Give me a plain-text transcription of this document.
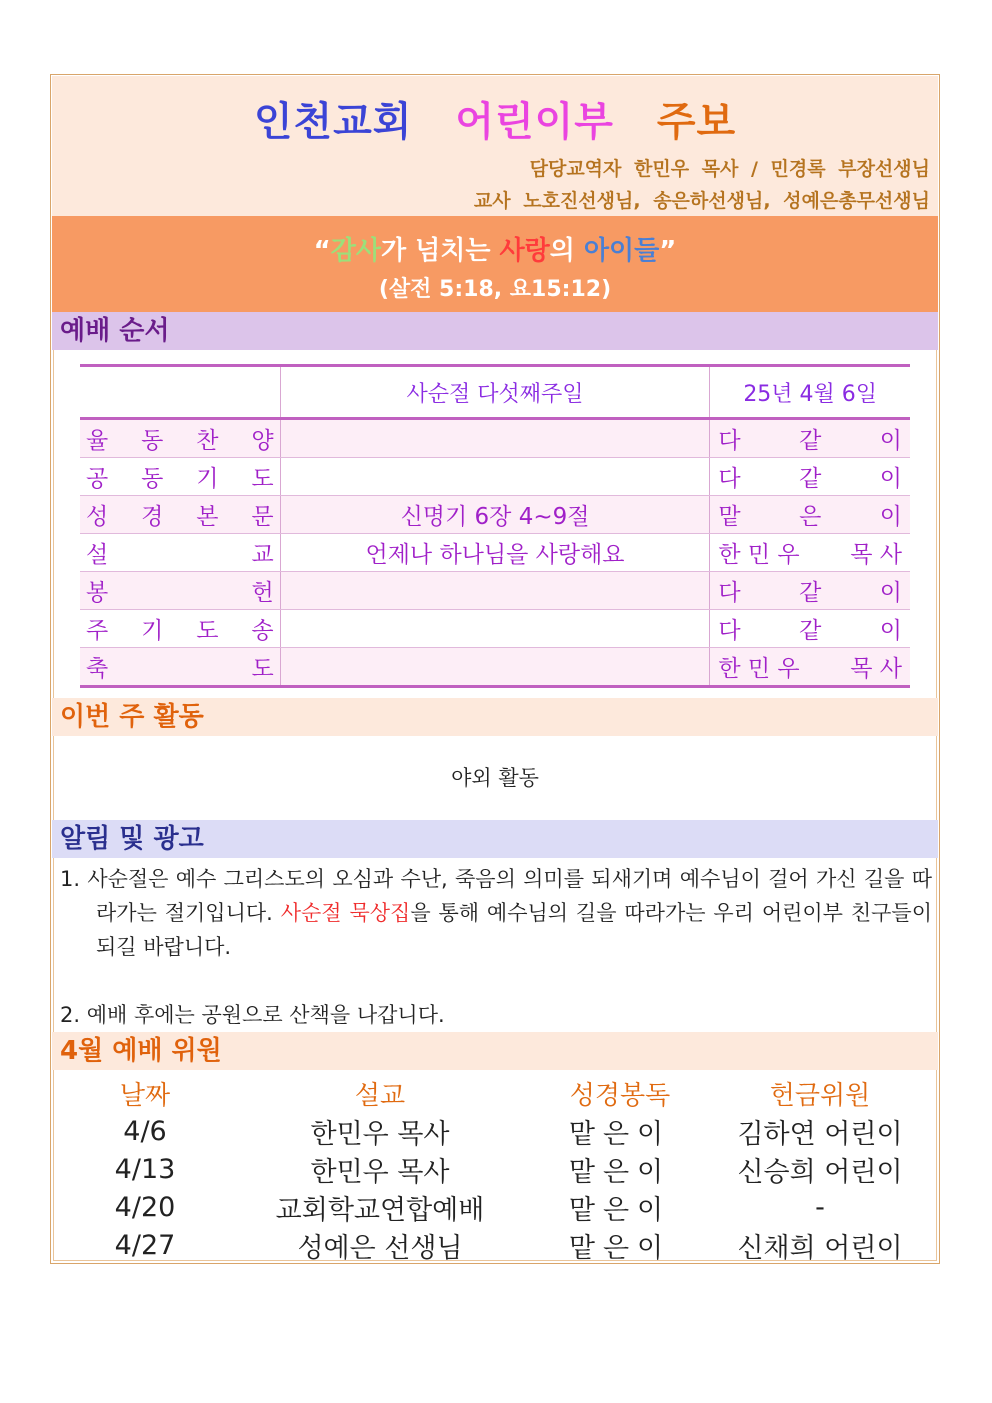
인천교회 어린이부 주보
담당교역자 한민우 목사 / 민경록 부장선생님
교사 노호진선생님, 송은하선생님, 성예은총무선생님
“감사가 넘치는 사랑의 아이들”
(살전 5:18, 요15:12)
예배 순서
	사순절 다섯째주일	25년 4월 6일

율 동 찬 양		다 같 이

공 동 기 도		다 같 이

성 경 본 문	신명기 6장 4~9절	맡 은 이

설 교	언제나 하나님을 사랑해요	한 민 우 목 사

봉 헌		다 같 이

주 기 도 송		다 같 이

축 도		한 민 우 목 사
이번 주 활동
야외 활동
알림 및 광고
1. 사순절은 예수 그리스도의 오심과 수난, 죽음의 의미를 되새기며 예수님이 걸어 가신 길을 따라가는 절기입니다. 사순절 묵상집을 통해 예수님의 길을 따라가는 우리 어린이부 친구들이 되길 바랍니다.
2. 예배 후에는 공원으로 산책을 나갑니다.
4월 예배 위원
날짜	설교	성경봉독	헌금위원
4/6	한민우 목사	맡은이	김하연 어린이
4/13	한민우 목사	맡은이	신승희 어린이
4/20	교회학교연합예배	맡은이	-
4/27	성예은 선생님	맡은이	신채희 어린이
